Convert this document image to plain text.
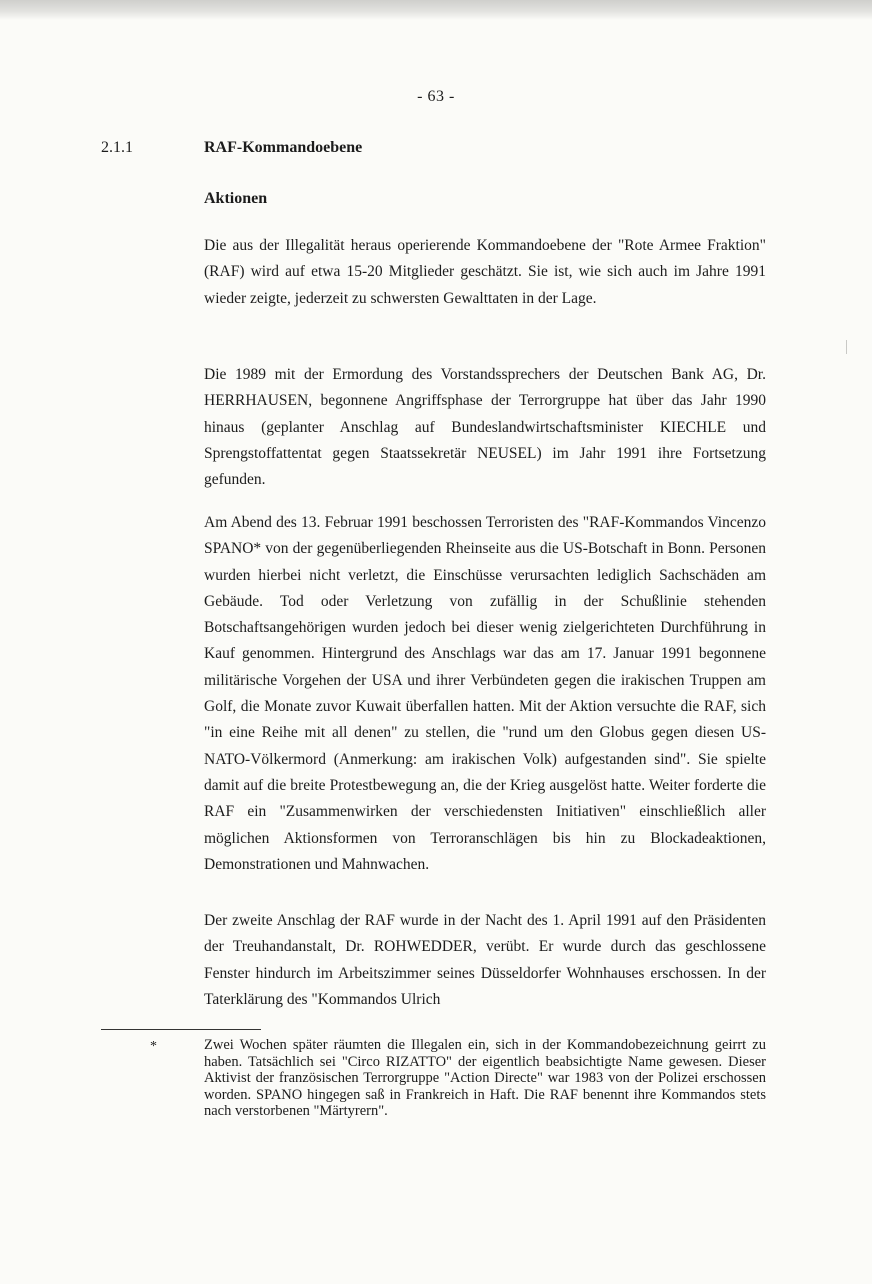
- 63 -
2.1.1	RAF-Kommandoebene
Aktionen

Die aus der Illegalität heraus operierende Kommandoebene der "Rote Armee Fraktion" (RAF) wird auf etwa 15-20 Mitglieder geschätzt. Sie ist, wie sich auch im Jahre 1991 wieder zeigte, jederzeit zu schwersten Gewalttaten in der Lage.

Die 1989 mit der Ermordung des Vorstandssprechers der Deutschen Bank AG, Dr. HERRHAUSEN, begonnene Angriffsphase der Terrorgruppe hat über das Jahr 1990 hinaus (geplanter Anschlag auf Bundeslandwirtschaftsminister KIECHLE und Sprengstoffattentat gegen Staatssekretär NEUSEL) im Jahr 1991 ihre Fortsetzung gefunden.

Am Abend des 13. Februar 1991 beschossen Terroristen des "RAF-Kommandos Vincenzo SPANO* von der gegenüberliegenden Rheinseite aus die US-Botschaft in Bonn. Personen wurden hierbei nicht verletzt, die Einschüsse verursachten lediglich Sachschäden am Gebäude. Tod oder Verletzung von zufällig in der Schußlinie stehenden Botschaftsangehörigen wurden jedoch bei dieser wenig zielgerichteten Durchführung in Kauf genommen. Hintergrund des Anschlags war das am 17. Januar 1991 begonnene militärische Vorgehen der USA und ihrer Verbündeten gegen die irakischen Truppen am Golf, die Monate zuvor Kuwait überfallen hatten. Mit der Aktion versuchte die RAF, sich "in eine Reihe mit all denen" zu stellen, die "rund um den Globus gegen diesen US-NATO-Völkermord (Anmerkung: am irakischen Volk) aufgestanden sind". Sie spielte damit auf die breite Protestbewegung an, die der Krieg ausgelöst hatte. Weiter forderte die RAF ein "Zusammenwirken der verschiedensten Initiativen" einschließlich aller möglichen Aktionsformen von Terroranschlägen bis hin zu Blockadeaktionen, Demonstrationen und Mahnwachen.

Der zweite Anschlag der RAF wurde in der Nacht des 1. April 1991 auf den Präsidenten der Treuhandanstalt, Dr. ROHWEDDER, verübt. Er wurde durch das geschlossene Fenster hindurch im Arbeitszimmer seines Düsseldorfer Wohnhauses erschossen. In der Taterklärung des "Kommandos Ulrich

*	Zwei Wochen später räumten die Illegalen ein, sich in der Kommandobezeichnung geirrt zu haben. Tatsächlich sei "Circo RIZATTO" der eigentlich beabsichtigte Name gewesen. Dieser Aktivist der französischen Terrorgruppe "Action Directe" war 1983 von der Polizei erschossen worden. SPANO hingegen saß in Frankreich in Haft. Die RAF benennt ihre Kommandos stets nach verstorbenen "Märtyrern".
